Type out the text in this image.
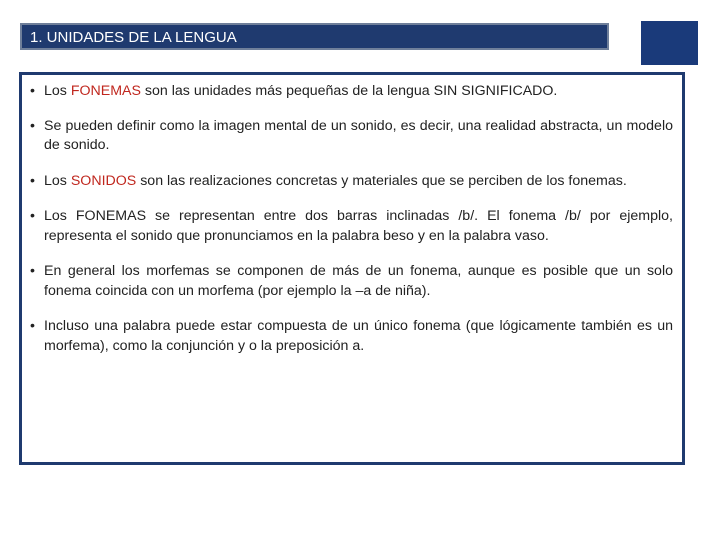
1. UNIDADES DE LA LENGUA
• Los FONEMAS son las unidades más pequeñas de la lengua SIN SIGNIFICADO.
• Se pueden definir como la imagen mental de un sonido, es decir, una realidad abstracta, un modelo de sonido.
• Los SONIDOS son las realizaciones concretas y materiales que se perciben de los fonemas.
• Los FONEMAS se representan entre dos barras inclinadas /b/. El fonema /b/ por ejemplo, representa el sonido que pronunciamos en la palabra beso y en la palabra vaso.
• En general los morfemas se componen de más de un fonema, aunque es posible que un solo fonema coincida con un morfema (por ejemplo la –a de niña).
• Incluso una palabra puede estar compuesta de un único fonema (que lógicamente también es un morfema), como la conjunción y o la preposición a.
